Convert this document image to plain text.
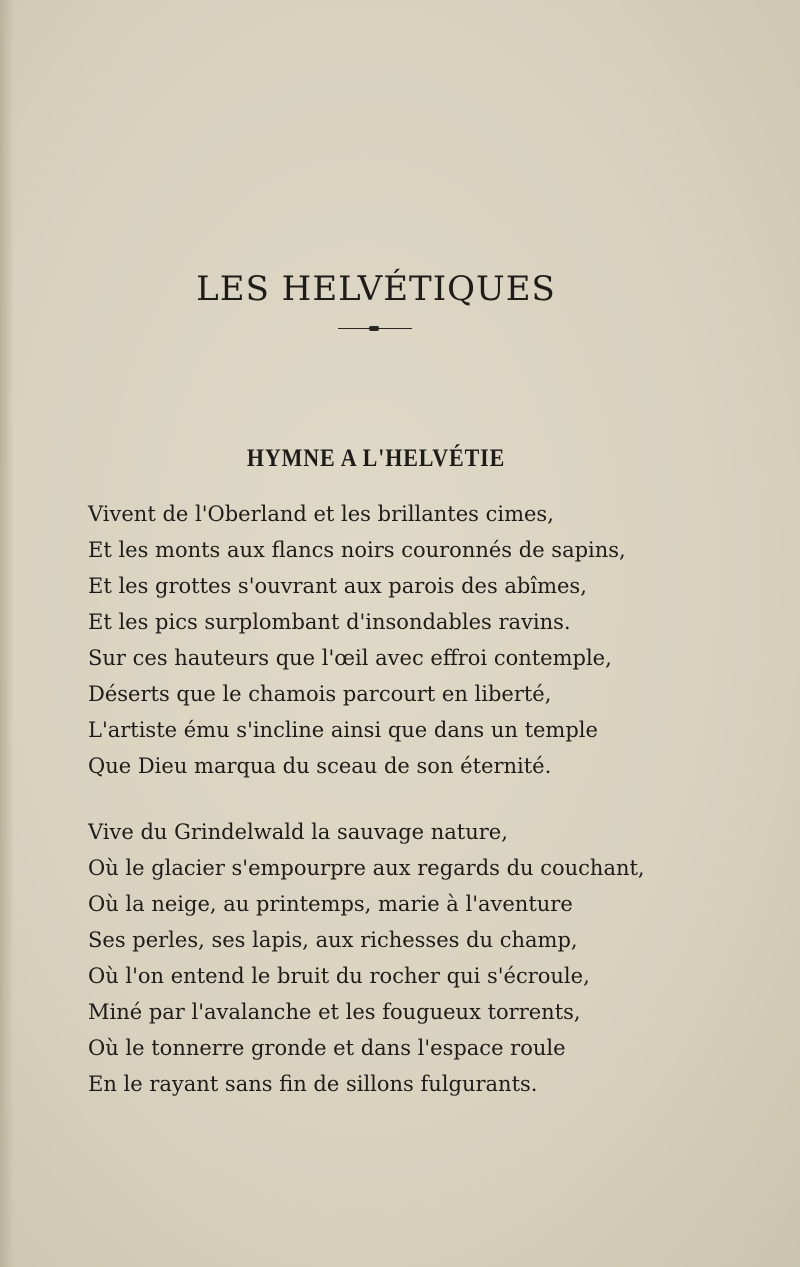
LES HELVÉTIQUES
HYMNE A L'HELVÉTIE
Vivent de l'Oberland et les brillantes cimes,
Et les monts aux flancs noirs couronnés de sapins,
Et les grottes s'ouvrant aux parois des abîmes,
Et les pics surplombant d'insondables ravins.
Sur ces hauteurs que l'œil avec effroi contemple,
Déserts que le chamois parcourt en liberté,
L'artiste ému s'incline ainsi que dans un temple
Que Dieu marqua du sceau de son éternité.
Vive du Grindelwald la sauvage nature,
Où le glacier s'empourpre aux regards du couchant,
Où la neige, au printemps, marie à l'aventure
Ses perles, ses lapis, aux richesses du champ,
Où l'on entend le bruit du rocher qui s'écroule,
Miné par l'avalanche et les fougueux torrents,
Où le tonnerre gronde et dans l'espace roule
En le rayant sans fin de sillons fulgurants.
